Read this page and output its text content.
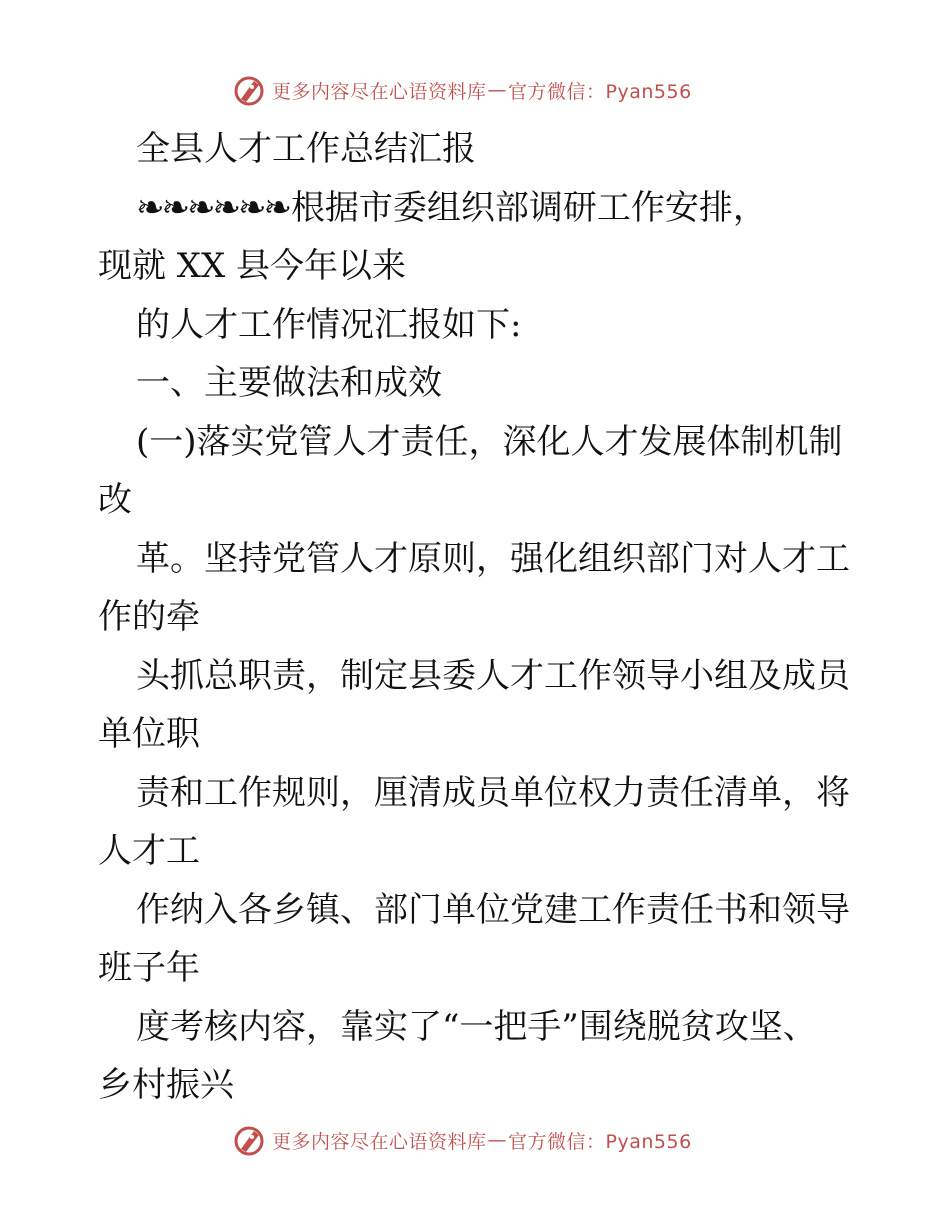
更多内容尽在心语资料库 — 官方微信：Pyan556
全县人才工作总结汇报
❧❧❧❧❧❧根据市委组织部调研工作安排，
现就 XX 县今年以来
的人才工作情况汇报如下:
一、主要做法和成效
(一)落实党管人才责任，深化人才发展体制机制
改
革。坚持党管人才原则，强化组织部门对人才工
作的牵
头抓总职责，制定县委人才工作领导小组及成员
单位职
责和工作规则，厘清成员单位权力责任清单，将
人才工
作纳入各乡镇、部门单位党建工作责任书和领导
班子年
度考核内容，靠实了“一把手”围绕脱贫攻坚、
乡村振兴
更多内容尽在心语资料库 — 官方微信：Pyan556
